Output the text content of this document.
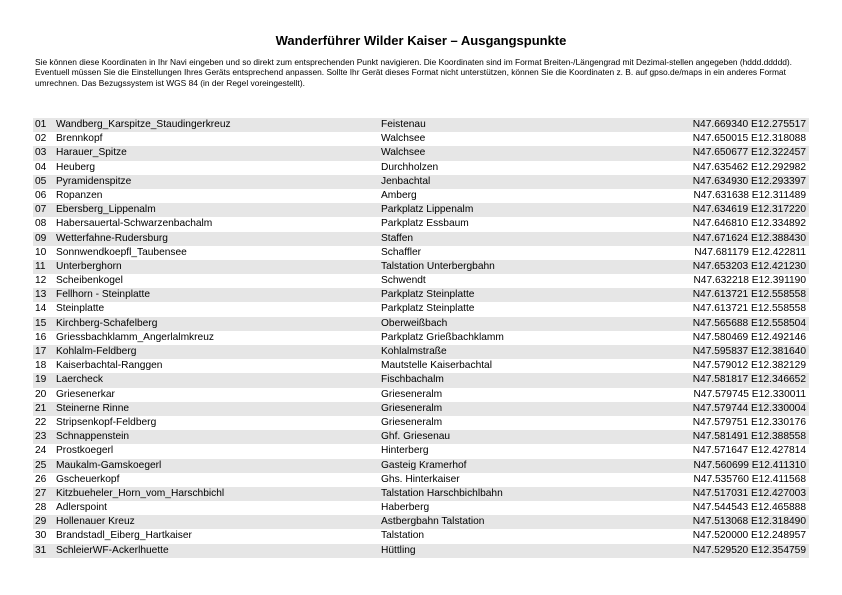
Wanderführer Wilder Kaiser – Ausgangspunkte

Sie können diese Koordinaten in Ihr Navi eingeben und so direkt zum entsprechenden Punkt navigieren. Die Koordinaten sind im Format Breiten-/Längengrad mit Dezimal-stellen angegeben (hddd.ddddd).

Eventuell müssen Sie die Einstellungen Ihres Geräts entsprechend anpassen. Sollte Ihr Gerät dieses Format nicht unterstützen, können Sie die Koordinaten z. B. auf gpso.de/maps in ein anderes Format umrechnen. Das Bezugssystem ist WGS 84 (in der Regel voreingestellt).

01 Wandberg_Karspitze_Staudingerkreuz	Feistenau	N47.669340 E12.275517
02 Brennkopf	Walchsee	N47.650015 E12.318088
03 Harauer_Spitze	Walchsee	N47.650677 E12.322457
04 Heuberg	Durchholzen	N47.635462 E12.292982
05 Pyramidenspitze	Jenbachtal	N47.634930 E12.293397
06 Ropanzen	Amberg	N47.631638 E12.311489
07 Ebersberg_Lippenalm	Parkplatz Lippenalm	N47.634619 E12.317220
08 Habersauertal-Schwarzenbachalm	Parkplatz Essbaum	N47.646810 E12.334892
09 Wetterfahne-Rudersburg	Staffen	N47.671624 E12.388430
10 Sonnwendkoepfl_Taubensee	Schaffler	N47.681179 E12.422811
11 Unterberghorn	Talstation Unterbergbahn	N47.653203 E12.421230
12 Scheibenkogel	Schwendt	N47.632218 E12.391190
13 Fellhorn - Steinplatte	Parkplatz Steinplatte	N47.613721 E12.558558
14 Steinplatte	Parkplatz Steinplatte	N47.613721 E12.558558
15 Kirchberg-Schafelberg	Oberweißbach	N47.565688 E12.558504
16 Griessbachklamm_Angerlalmkreuz	Parkplatz Grießbachklamm	N47.580469 E12.492146
17 Kohlalm-Feldberg	Kohlalmstraße	N47.595837 E12.381640
18 Kaiserbachtal-Ranggen	Mautstelle Kaiserbachtal	N47.579012 E12.382129
19 Laercheck	Fischbachalm	N47.581817 E12.346652
20 Griesenerkar	Grieseneralm	N47.579745 E12.330011
21 Steinerne Rinne	Grieseneralm	N47.579744 E12.330004
22 Stripsenkopf-Feldberg	Grieseneralm	N47.579751 E12.330176
23 Schnappenstein	Ghf. Griesenau	N47.581491 E12.388558
24 Prostkoegerl	Hinterberg	N47.571647 E12.427814
25 Maukalm-Gamskoegerl	Gasteig Kramerhof	N47.560699 E12.411310
26 Gscheuerkopf	Ghs. Hinterkaiser	N47.535760 E12.411568
27 Kitzbueheler_Horn_vom_Harschbichl	Talstation Harschbichlbahn	N47.517031 E12.427003
28 Adlerspoint	Haberberg	N47.544543 E12.465888
29 Hollenauer Kreuz	Astbergbahn Talstation	N47.513068 E12.318490
30 Brandstadl_Eiberg_Hartkaiser	Talstation	N47.520000 E12.248957
31 SchleierWF-Ackerlhuette	Hüttling	N47.529520 E12.354759
